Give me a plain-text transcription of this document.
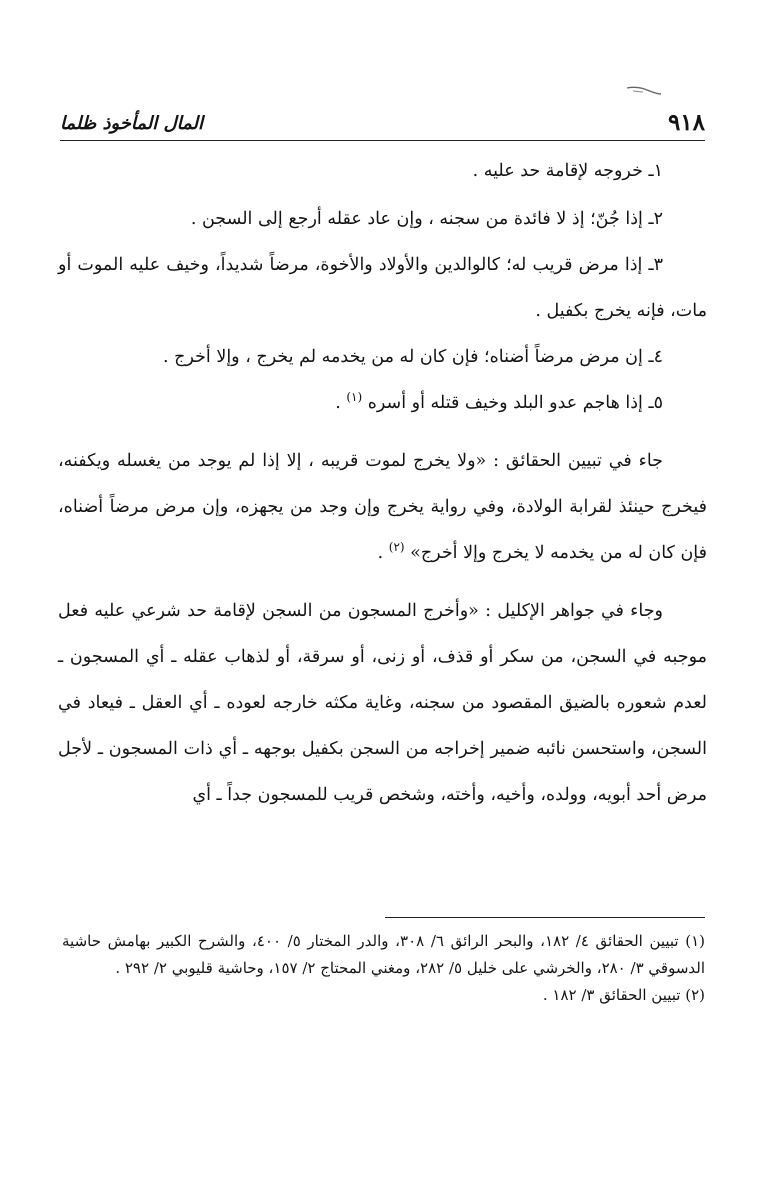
٩١٨
المال المأخوذ ظلما

١ـ خروجه لإقامة حد عليه .

٢ـ إذا جُنّ؛ إذ لا فائدة من سجنه ، وإن عاد عقله أرجع إلى السجن .

٣ـ إذا مرض قريب له؛ كالوالدين والأولاد والأخوة، مرضاً شديداً، وخيف عليه الموت أو مات، فإنه يخرج بكفيل .

٤ـ إن مرض مرضاً أضناه؛ فإن كان له من يخدمه لم يخرج ، وإلا أخرج .

٥ـ إذا هاجم عدو البلد وخيف قتله أو أسره $^{(١)}$ .

جاء في تبيين الحقائق : «ولا يخرج لموت قريبه ، إلا إذا لم يوجد من يغسله ويكفنه، فيخرج حينئذ لقرابة الولادة، وفي رواية يخرج وإن وجد من يجهزه، وإن مرض مرضاً أضناه، فإن كان له من يخدمه لا يخرج وإلا أخرج» $^{(٢)}$ .

وجاء في جواهر الإكليل : «وأخرج المسجون من السجن لإقامة حد شرعي عليه فعل موجبه في السجن، من سكر أو قذف، أو زنى، أو سرقة، أو لذهاب عقله ـ أي المسجون ـ لعدم شعوره بالضيق المقصود من سجنه، وغاية مكثه خارجه لعوده ـ أي العقل ـ فيعاد في السجن، واستحسن نائبه ضمير إخراجه من السجن بكفيل بوجهه ـ أي ذات المسجون ـ لأجل مرض أحد أبويه، وولده، وأخيه، وأخته، وشخص قريب للمسجون جداً ـ أي

(١) تبيين الحقائق ٤/ ١٨٢، والبحر الرائق ٦/ ٣٠٨، والدر المختار ٥/ ٤٠٠، والشرح الكبير بهامش حاشية الدسوقي ٣/ ٢٨٠، والخرشي على خليل ٥/ ٢٨٢، ومغني المحتاج ٢/ ١٥٧، وحاشية قليوبي ٢/ ٢٩٢ .

(٢) تبيين الحقائق ٣/ ١٨٢ .
